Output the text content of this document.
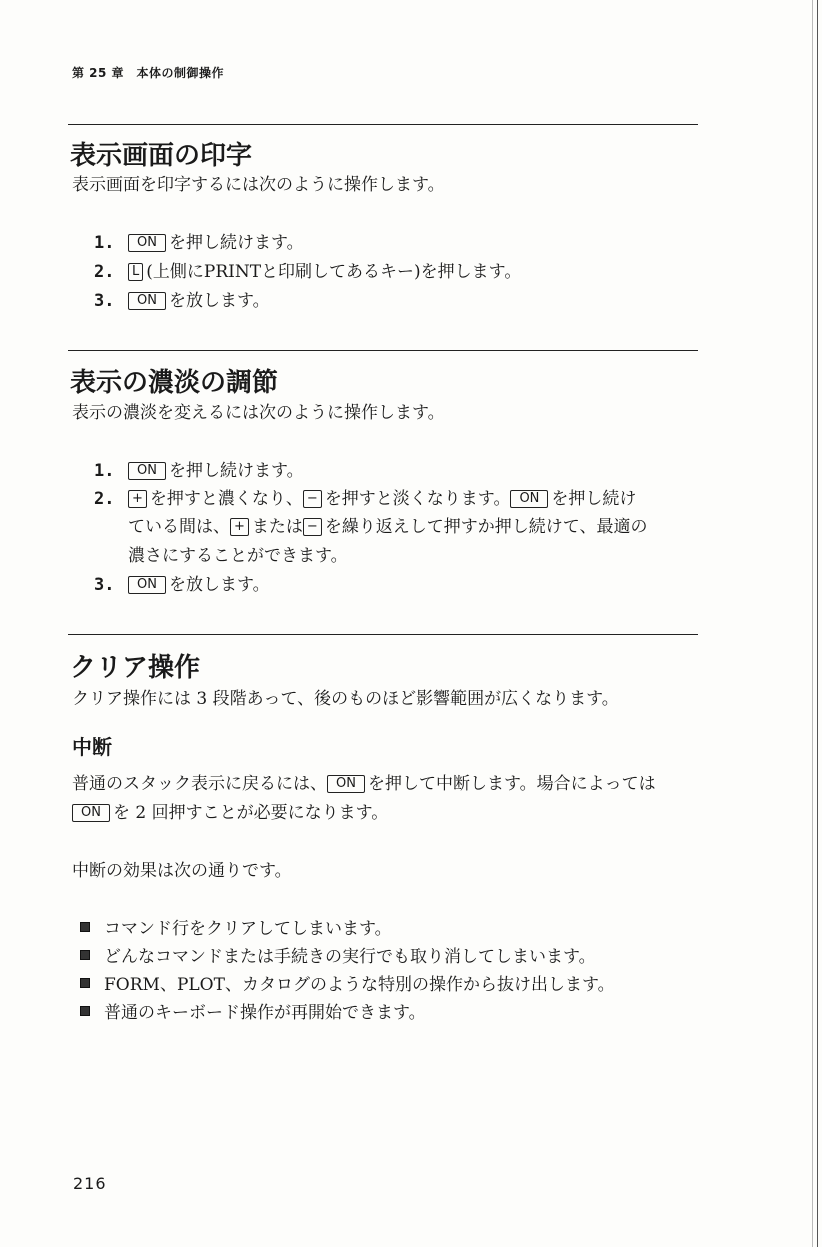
第 25 章　本体の制御操作
表示画面の印字
表示画面を印字するには次のように操作します。
1. ON を押し続けます。
2. L (上側にPRINTと印刷してあるキー)を押します。
3. ON を放します。
表示の濃淡の調節
表示の濃淡を変えるには次のように操作します。
1. ON を押し続けます。
2. + を押すと濃くなり、 − を押すと淡くなります。 ON を押し続け
ている間は、 + または − を繰り返えして押すか押し続けて、最適の
濃さにすることができます。
3. ON を放します。
クリア操作
クリア操作には 3 段階あって、後のものほど影響範囲が広くなります。
中断
普通のスタック表示に戻るには、 ON を押して中断します。場合によっては
ON を 2 回押すことが必要になります。
中断の効果は次の通りです。
コマンド行をクリアしてしまいます。
どんなコマンドまたは手続きの実行でも取り消してしまいます。
FORM、PLOT、カタログのような特別の操作から抜け出します。
普通のキーボード操作が再開始できます。
216
